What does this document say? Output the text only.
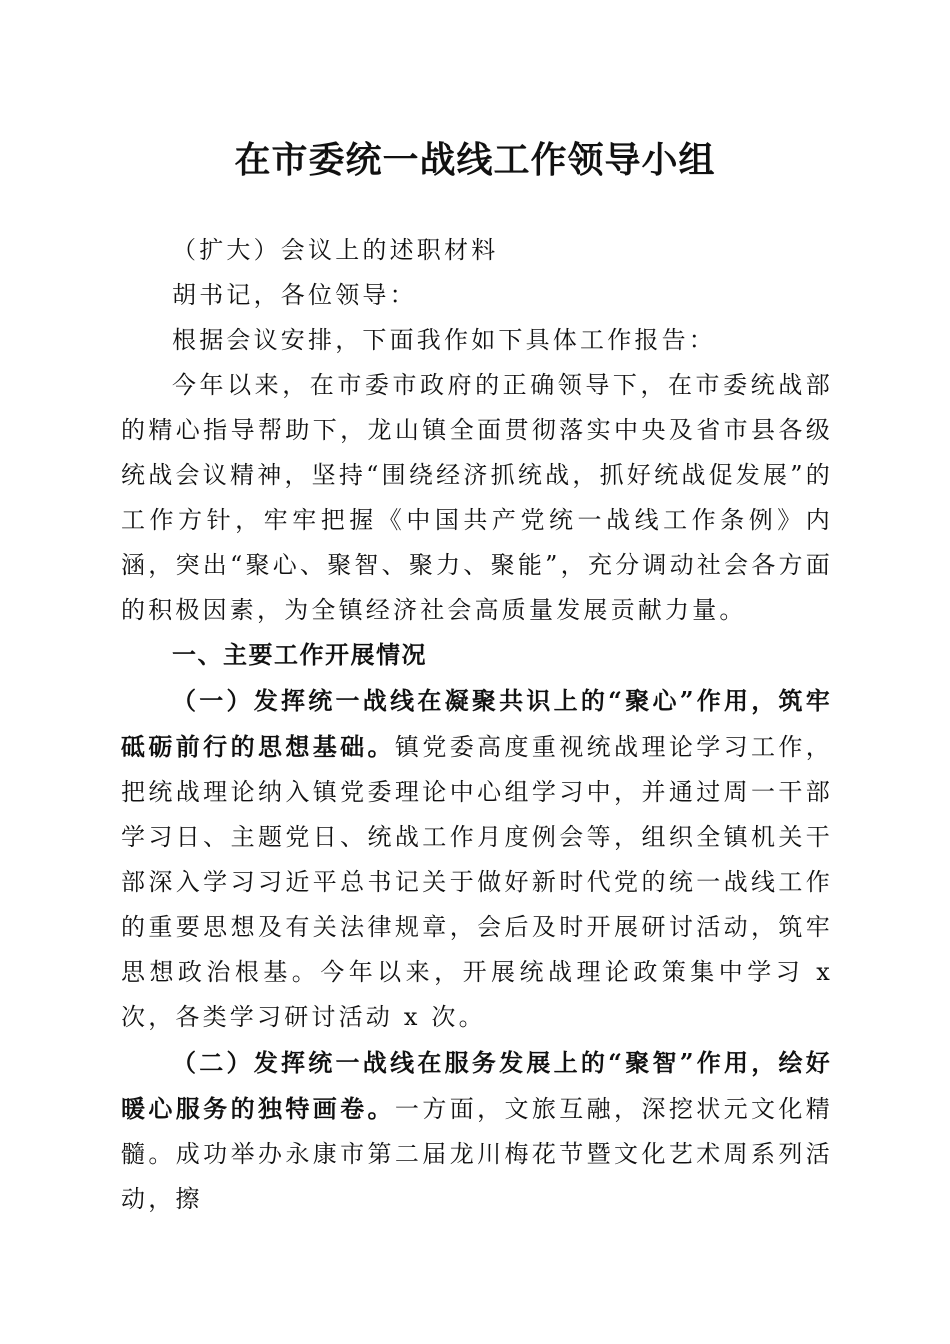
在市委统一战线工作领导小组

（扩大）会议上的述职材料

胡书记，各位领导：

根据会议安排，下面我作如下具体工作报告：

今年以来，在市委市政府的正确领导下，在市委统战部的精心指导帮助下，龙山镇全面贯彻落实中央及省市县各级统战会议精神，坚持“围绕经济抓统战，抓好统战促发展”的工作方针，牢牢把握《中国共产党统一战线工作条例》内涵，突出“聚心、聚智、聚力、聚能”，充分调动社会各方面的积极因素，为全镇经济社会高质量发展贡献力量。

一、主要工作开展情况

（一）发挥统一战线在凝聚共识上的“聚心”作用，筑牢砥砺前行的思想基础。镇党委高度重视统战理论学习工作，把统战理论纳入镇党委理论中心组学习中，并通过周一干部学习日、主题党日、统战工作月度例会等，组织全镇机关干部深入学习习近平总书记关于做好新时代党的统一战线工作的重要思想及有关法律规章，会后及时开展研讨活动，筑牢思想政治根基。今年以来，开展统战理论政策集中学习 x 次，各类学习研讨活动 x 次。

（二）发挥统一战线在服务发展上的“聚智”作用，绘好暖心服务的独特画卷。一方面，文旅互融，深挖状元文化精髓。成功举办永康市第二届龙川梅花节暨文化艺术周系列活动，擦
